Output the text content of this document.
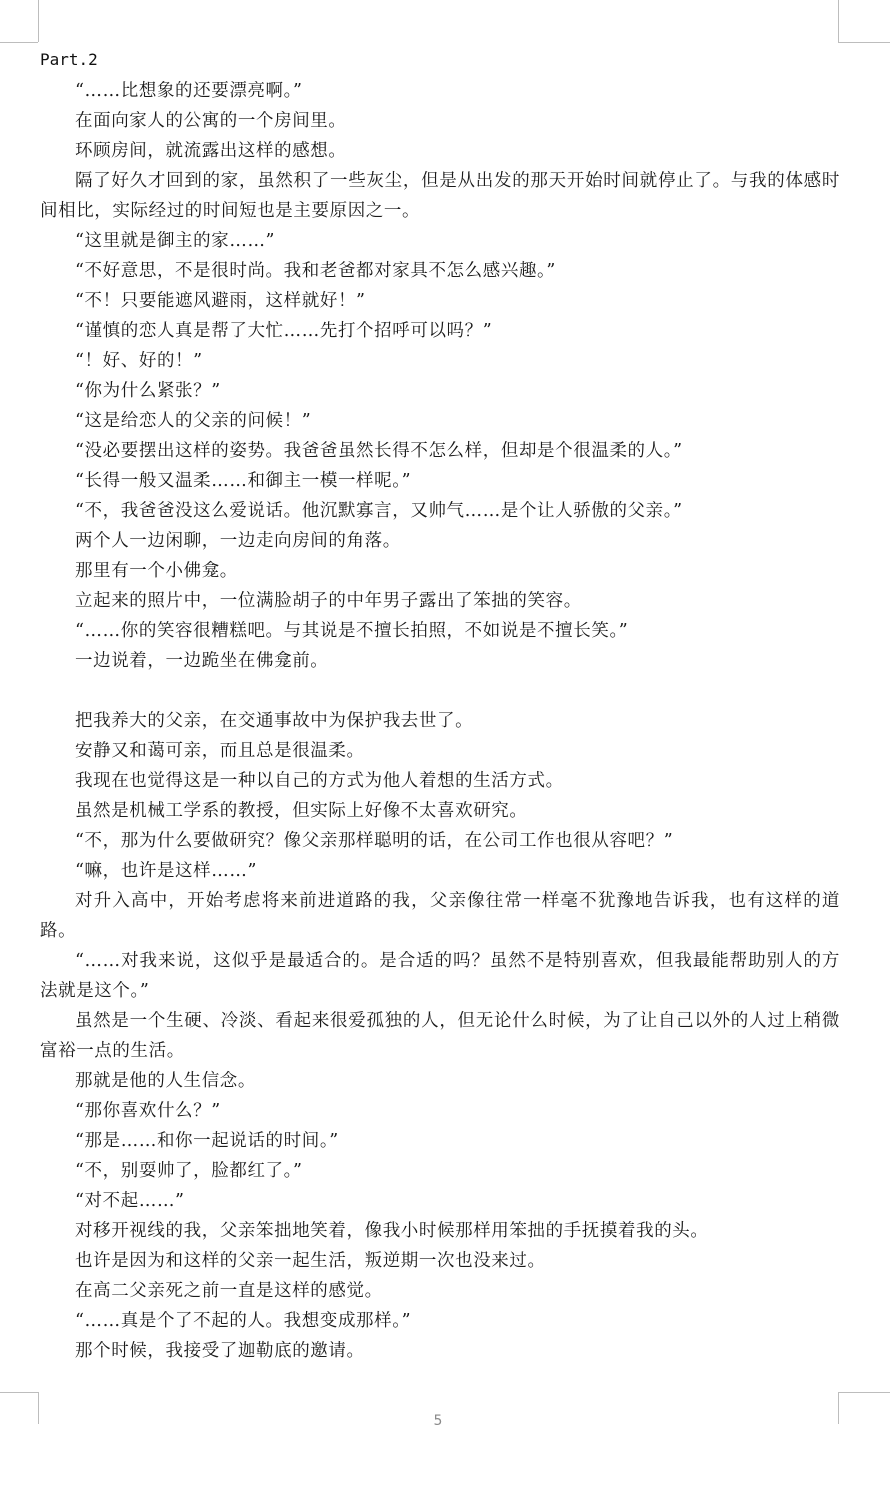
Part.2

“……比想象的还要漂亮啊。”

在面向家人的公寓的一个房间里。

环顾房间，就流露出这样的感想。

隔了好久才回到的家，虽然积了一些灰尘，但是从出发的那天开始时间就停止了。与我的体感时间相比，实际经过的时间短也是主要原因之一。

“这里就是御主的家……”

“不好意思，不是很时尚。我和老爸都对家具不怎么感兴趣。”

“不！只要能遮风避雨，这样就好！”

“谨慎的恋人真是帮了大忙……先打个招呼可以吗？”

“！好、好的！”

“你为什么紧张？”

“这是给恋人的父亲的问候！”

“没必要摆出这样的姿势。我爸爸虽然长得不怎么样，但却是个很温柔的人。”

“长得一般又温柔……和御主一模一样呢。”

“不，我爸爸没这么爱说话。他沉默寡言，又帅气……是个让人骄傲的父亲。”

两个人一边闲聊，一边走向房间的角落。

那里有一个小佛龛。

立起来的照片中，一位满脸胡子的中年男子露出了笨拙的笑容。

“……你的笑容很糟糕吧。与其说是不擅长拍照，不如说是不擅长笑。”

一边说着，一边跪坐在佛龛前。

把我养大的父亲，在交通事故中为保护我去世了。

安静又和蔼可亲，而且总是很温柔。

我现在也觉得这是一种以自己的方式为他人着想的生活方式。

虽然是机械工学系的教授，但实际上好像不太喜欢研究。

“不，那为什么要做研究？像父亲那样聪明的话，在公司工作也很从容吧？”

“嘛，也许是这样……”

对升入高中，开始考虑将来前进道路的我，父亲像往常一样毫不犹豫地告诉我，也有这样的道路。

“……对我来说，这似乎是最适合的。是合适的吗？虽然不是特别喜欢，但我最能帮助别人的方法就是这个。”

虽然是一个生硬、冷淡、看起来很爱孤独的人，但无论什么时候，为了让自己以外的人过上稍微富裕一点的生活。

那就是他的人生信念。

“那你喜欢什么？”

“那是……和你一起说话的时间。”

“不，别耍帅了，脸都红了。”

“对不起……”

对移开视线的我，父亲笨拙地笑着，像我小时候那样用笨拙的手抚摸着我的头。

也许是因为和这样的父亲一起生活，叛逆期一次也没来过。

在高二父亲死之前一直是这样的感觉。

“……真是个了不起的人。我想变成那样。”

那个时候，我接受了迦勒底的邀请。

5
